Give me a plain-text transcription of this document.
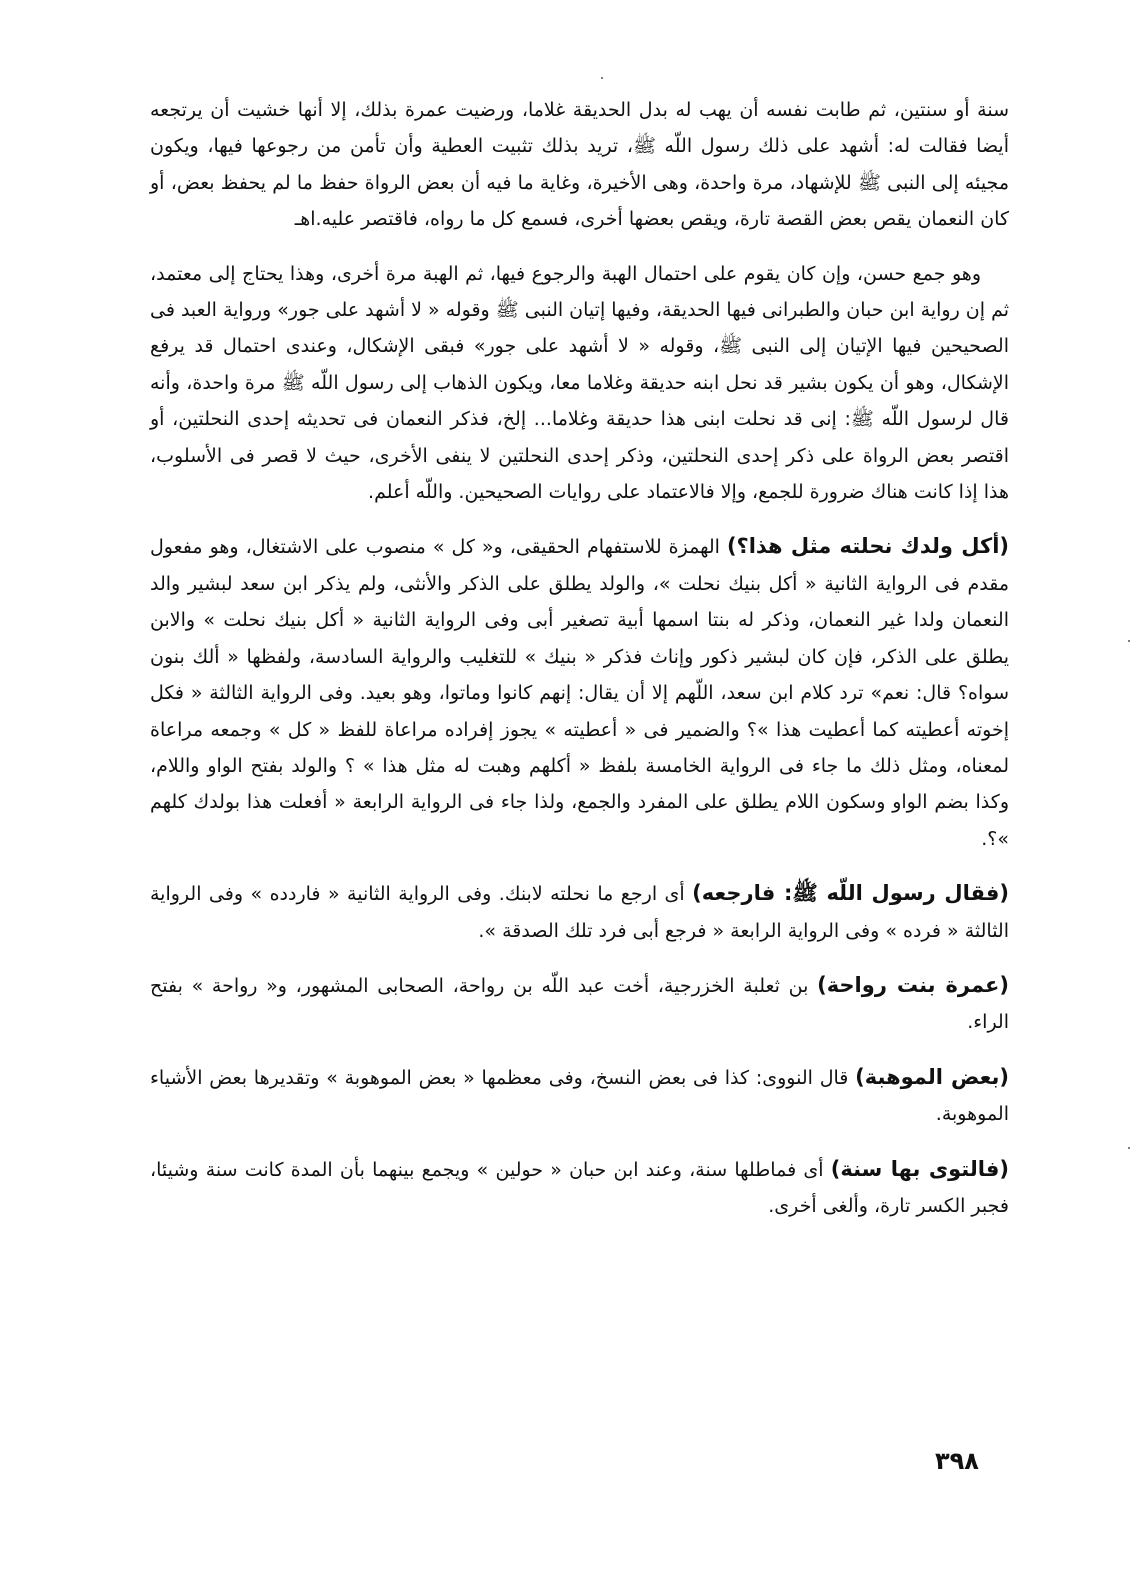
سنة أو سنتين، ثم طابت نفسه أن يهب له بدل الحديقة غلاما، ورضيت عمرة بذلك، إلا أنها خشيت أن يرتجعه أيضا فقالت له: أشهد على ذلك رسول اللّه ﷺ، تريد بذلك تثبيت العطية وأن تأمن من رجوعها فيها، ويكون مجيئه إلى النبى ﷺ للإشهاد، مرة واحدة، وهى الأخيرة، وغاية ما فيه أن بعض الرواة حفظ ما لم يحفظ بعض، أو كان النعمان يقص بعض القصة تارة، ويقص بعضها أخرى، فسمع كل ما رواه، فاقتصر عليه.اهـ

وهو جمع حسن، وإن كان يقوم على احتمال الهبة والرجوع فيها، ثم الهبة مرة أخرى، وهذا يحتاج إلى معتمد، ثم إن رواية ابن حبان والطبرانى فيها الحديقة، وفيها إتيان النبى ﷺ وقوله « لا أشهد على جور» ورواية العبد فى الصحيحين فيها الإتيان إلى النبى ﷺ، وقوله « لا أشهد على جور» فبقى الإشكال، وعندى احتمال قد يرفع الإشكال، وهو أن يكون بشير قد نحل ابنه حديقة وغلاما معا، ويكون الذهاب إلى رسول اللّه ﷺ مرة واحدة، وأنه قال لرسول اللّه ﷺ: إنى قد نحلت ابنى هذا حديقة وغلاما... إلخ، فذكر النعمان فى تحديثه إحدى النحلتين، أو اقتصر بعض الرواة على ذكر إحدى النحلتين، وذكر إحدى النحلتين لا ينفى الأخرى، حيث لا قصر فى الأسلوب، هذا إذا كانت هناك ضرورة للجمع، وإلا فالاعتماد على روايات الصحيحين. واللّه أعلم.

(أكل ولدك نحلته مثل هذا؟) الهمزة للاستفهام الحقيقى، و« كل » منصوب على الاشتغال، وهو مفعول مقدم فى الرواية الثانية « أكل بنيك نحلت »، والولد يطلق على الذكر والأنثى، ولم يذكر ابن سعد لبشير والد النعمان ولدا غير النعمان، وذكر له بنتا اسمها أبية تصغير أبى وفى الرواية الثانية « أكل بنيك نحلت » والابن يطلق على الذكر، فإن كان لبشير ذكور وإناث فذكر « بنيك » للتغليب والرواية السادسة، ولفظها « ألك بنون سواه؟ قال: نعم» ترد كلام ابن سعد، اللّهم إلا أن يقال: إنهم كانوا وماتوا، وهو بعيد. وفى الرواية الثالثة « فكل إخوته أعطيته كما أعطيت هذا »؟ والضمير فى « أعطيته » يجوز إفراده مراعاة للفظ « كل » وجمعه مراعاة لمعناه، ومثل ذلك ما جاء فى الرواية الخامسة بلفظ « أكلهم وهبت له مثل هذا » ؟ والولد بفتح الواو واللام، وكذا بضم الواو وسكون اللام يطلق على المفرد والجمع، ولذا جاء فى الرواية الرابعة « أفعلت هذا بولدك كلهم »؟.

(فقال رسول اللّه ﷺ: فارجعه) أى ارجع ما نحلته لابنك. وفى الرواية الثانية « فاردده » وفى الرواية الثالثة « فرده » وفى الرواية الرابعة « فرجع أبى فرد تلك الصدقة ».

(عمرة بنت رواحة) بن ثعلبة الخزرجية، أخت عبد اللّه بن رواحة، الصحابى المشهور، و« رواحة » بفتح الراء.

(بعض الموهبة) قال النووى: كذا فى بعض النسخ، وفى معظمها « بعض الموهوبة » وتقديرها بعض الأشياء الموهوبة.

(فالتوى بها سنة) أى فماطلها سنة، وعند ابن حبان « حولين » ويجمع بينهما بأن المدة كانت سنة وشيئا، فجبر الكسر تارة، وألغى أخرى.

٣٩٨
